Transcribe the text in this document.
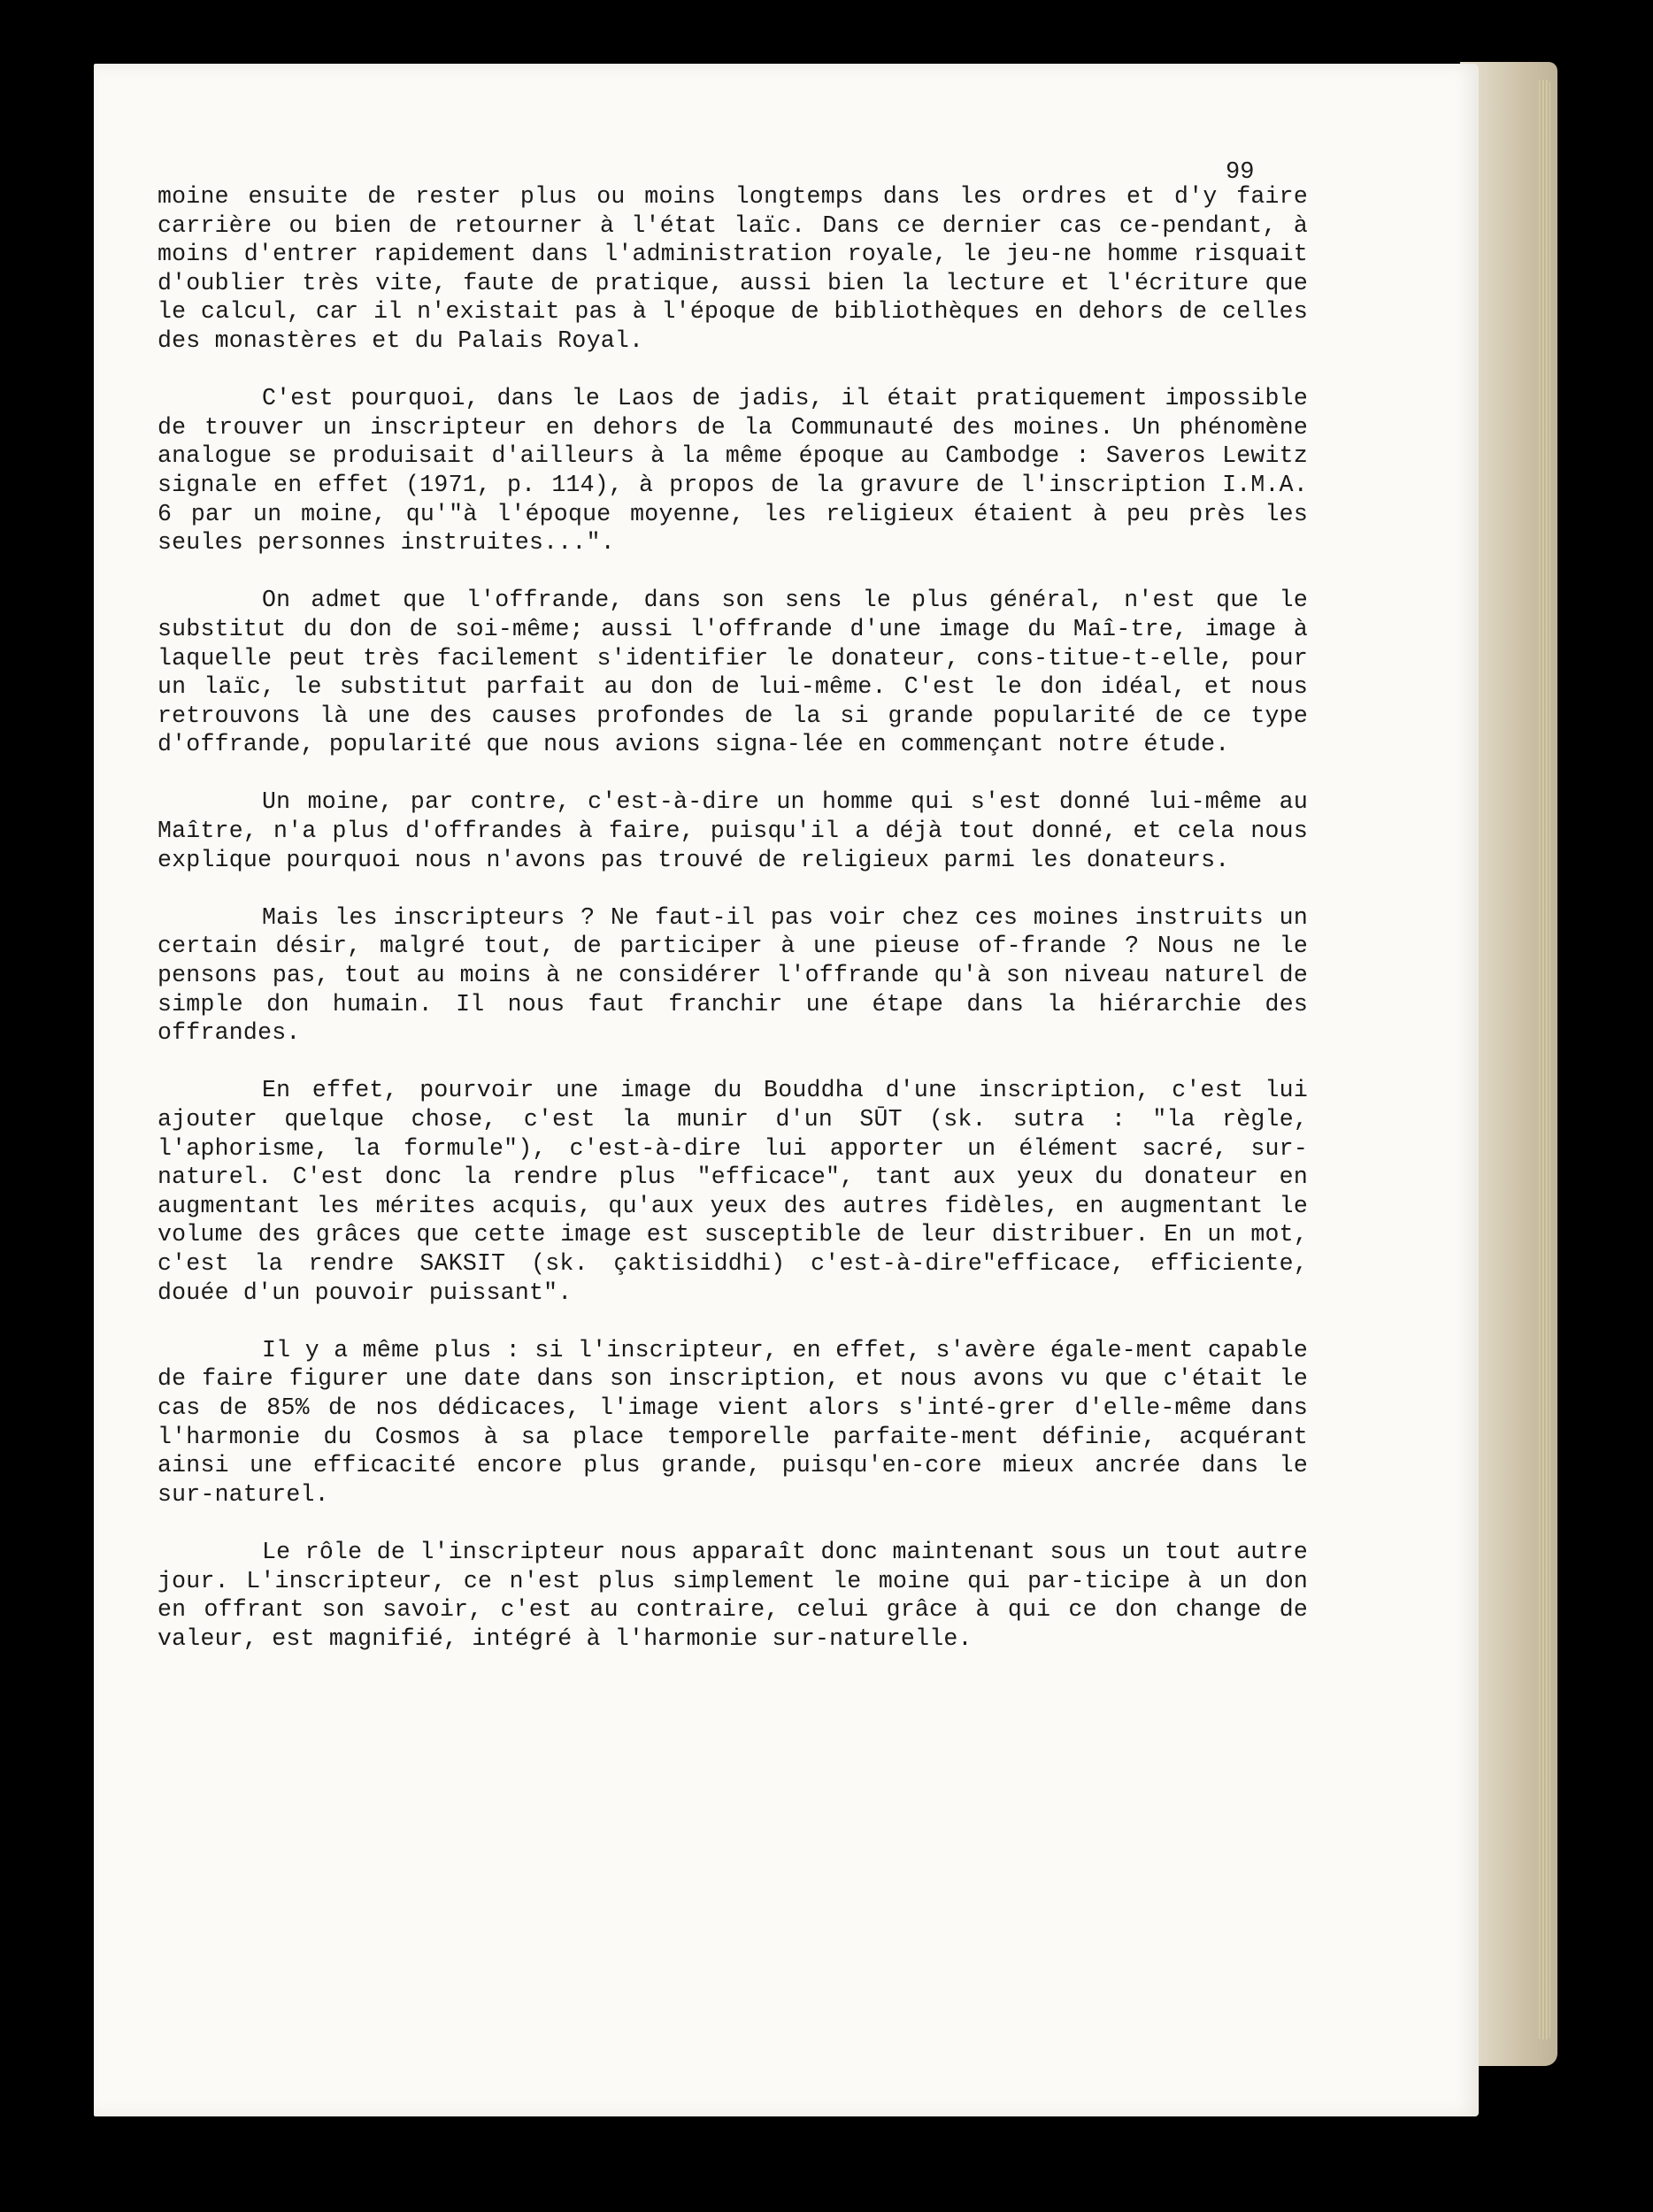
99

moine ensuite de rester plus ou moins longtemps dans les ordres et d'y faire carrière ou bien de retourner à l'état laïc. Dans ce dernier cas ce-pendant, à moins d'entrer rapidement dans l'administration royale, le jeu-ne homme risquait d'oublier très vite, faute de pratique, aussi bien la lecture et l'écriture que le calcul, car il n'existait pas à l'époque de bibliothèques en dehors de celles des monastères et du Palais Royal.

C'est pourquoi, dans le Laos de jadis, il était pratiquement impossible de trouver un inscripteur en dehors de la Communauté des moines. Un phénomène analogue se produisait d'ailleurs à la même époque au Cambodge : Saveros Lewitz signale en effet (1971, p. 114), à propos de la gravure de l'inscription I.M.A. 6 par un moine, qu'"à l'époque moyenne, les religieux étaient à peu près les seules personnes instruites...".

On admet que l'offrande, dans son sens le plus général, n'est que le substitut du don de soi-même; aussi l'offrande d'une image du Maî-tre, image à laquelle peut très facilement s'identifier le donateur, cons-titue-t-elle, pour un laïc, le substitut parfait au don de lui-même. C'est le don idéal, et nous retrouvons là une des causes profondes de la si grande popularité de ce type d'offrande, popularité que nous avions signa-lée en commençant notre étude.

Un moine, par contre, c'est-à-dire un homme qui s'est donné lui-même au Maître, n'a plus d'offrandes à faire, puisqu'il a déjà tout donné, et cela nous explique pourquoi nous n'avons pas trouvé de religieux parmi les donateurs.

Mais les inscripteurs ? Ne faut-il pas voir chez ces moines instruits un certain désir, malgré tout, de participer à une pieuse of-frande ? Nous ne le pensons pas, tout au moins à ne considérer l'offrande qu'à son niveau naturel de simple don humain. Il nous faut franchir une étape dans la hiérarchie des offrandes.

En effet, pourvoir une image du Bouddha d'une inscription, c'est lui ajouter quelque chose, c'est la munir d'un SŪT (sk. sutra : "la règle, l'aphorisme, la formule"), c'est-à-dire lui apporter un élément sacré, sur-naturel. C'est donc la rendre plus "efficace", tant aux yeux du donateur en augmentant les mérites acquis, qu'aux yeux des autres fidèles, en augmentant le volume des grâces que cette image est susceptible de leur distribuer. En un mot, c'est la rendre SAKSIT (sk. çaktisiddhi) c'est-à-dire"efficace, efficiente, douée d'un pouvoir puissant".

Il y a même plus : si l'inscripteur, en effet, s'avère égale-ment capable de faire figurer une date dans son inscription, et nous avons vu que c'était le cas de 85% de nos dédicaces, l'image vient alors s'inté-grer d'elle-même dans l'harmonie du Cosmos à sa place temporelle parfaite-ment définie, acquérant ainsi une efficacité encore plus grande, puisqu'en-core mieux ancrée dans le sur-naturel.

Le rôle de l'inscripteur nous apparaît donc maintenant sous un tout autre jour. L'inscripteur, ce n'est plus simplement le moine qui par-ticipe à un don en offrant son savoir, c'est au contraire, celui grâce à qui ce don change de valeur, est magnifié, intégré à l'harmonie sur-naturelle.
